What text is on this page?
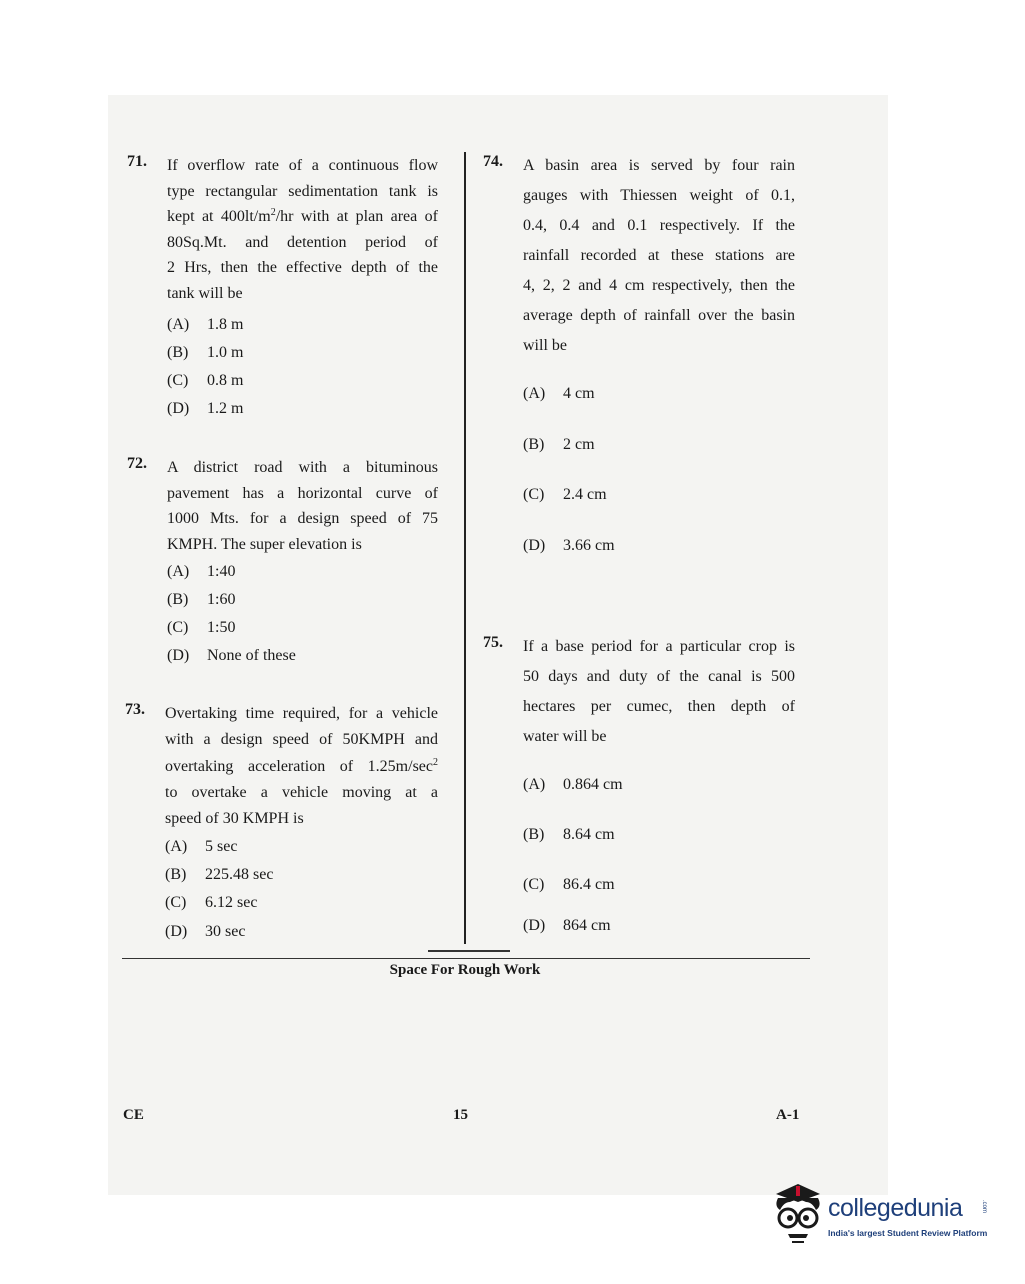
71. If overflow rate of a continuous flow
type rectangular sedimentation tank is
kept at $400lt/m^2/hr$ with at plan area of
80Sq.Mt. and detention period of
2 Hrs, then the effective depth of the
tank will be
(A) 1.8 m
(B) 1.0 m
(C) 0.8 m
(D) 1.2 m
72. A district road with a bituminous
pavement has a horizontal curve of
1000 Mts. for a design speed of 75
KMPH. The super elevation is
(A) 1:40
(B) 1:60
(C) 1:50
(D) None of these
73. Overtaking time required, for a vehicle
with a design speed of 50KMPH and
overtaking acceleration of $1.25m/\sec^2$
to overtake a vehicle moving at a
speed of 30 KMPH is
(A) 5 sec
(B) 225.48 sec
(C) 6.12 sec
(D) 30 sec
74. A basin area is served by four rain
gauges with Thiessen weight of 0.1,
0.4, 0.4 and 0.1 respectively. If the
rainfall recorded at these stations are
4, 2, 2 and 4 cm respectively, then the
average depth of rainfall over the basin
will be
(A) 4 cm
(B) 2 cm
(C) 2.4 cm
(D) 3.66 cm
75. If a base period for a particular crop is
50 days and duty of the canal is 500
hectares per cumec, then depth of
water will be
(A) 0.864 cm
(B) 8.64 cm
(C) 86.4 cm
(D) 864 cm
Space For Rough Work
CE	15	A-1
collegedunia	.com
India's largest Student Review Platform
